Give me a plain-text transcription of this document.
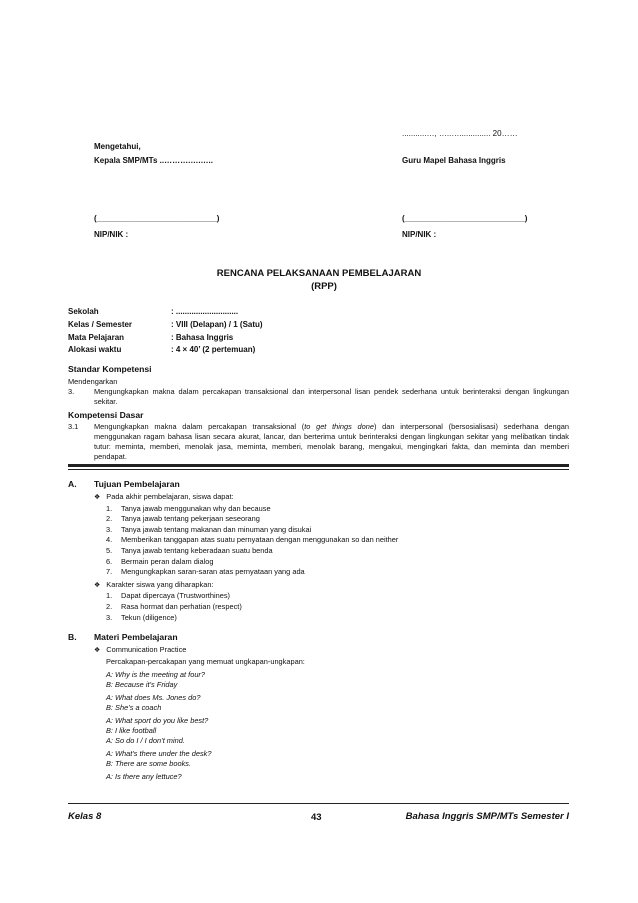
...........…, …..….............. 20……
Mengetahui,
Kepala SMP/MTs ..……….….…..	Guru Mapel Bahasa Inggris
(___________________________)
NIP/NIK :
(___________________________)
NIP/NIK :
RENCANA PELAKSANAAN PEMBELAJARAN
(RPP)
Sekolah	: ............................
Kelas / Semester	: VIII (Delapan) / 1 (Satu)
Mata Pelajaran	: Bahasa Inggris
Alokasi waktu	: 4 × 40’ (2 pertemuan)
Standar Kompetensi
Mendengarkan
3.	Mengungkapkan makna dalam percakapan transaksional dan interpersonal lisan pendek sederhana untuk berinteraksi dengan lingkungan sekitar.
Kompetensi Dasar
3.1	Mengungkapkan makna dalam percakapan transaksional (to get things done) dan interpersonal (bersosialisasi) sederhana dengan menggunakan ragam bahasa lisan secara akurat, lancar, dan berterima untuk berinteraksi dengan lingkungan sekitar yang melibatkan tindak tutur: meminta, memberi, menolak jasa, meminta, memberi, menolak barang, mengakui, mengingkari fakta, dan meminta dan memberi pendapat.
A. Tujuan Pembelajaran
❖ Pada akhir pembelajaran, siswa dapat:
1.	Tanya jawab menggunakan why dan because
2.	Tanya jawab tentang pekerjaan seseorang
3.	Tanya jawab tentang makanan dan minuman yang disukai
4.	Memberikan tanggapan atas suatu pernyataan dengan menggunakan so dan neither
5.	Tanya jawab tentang keberadaan suatu benda
6.	Bermain peran dalam dialog
7.	Mengungkapkan saran-saran atas pernyataan yang ada
❖ Karakter siswa yang diharapkan:
1.	Dapat dipercaya (Trustworthines)
2.	Rasa hormat dan perhatian (respect)
3.	Tekun (diligence)
B. Materi Pembelajaran
❖ Communication Practice
Percakapan-percakapan yang memuat ungkapan-ungkapan:
A: Why is the meeting at four?
B: Because it’s Friday
A: What does Ms. Jones do?
B: She’s a coach
A: What sport do you like best?
B: I like football
A: So do I / I don’t mind.
A: What’s there under the desk?
B: There are some books.
A: Is there any lettuce?
Kelas 8	43	Bahasa Inggris SMP/MTs Semester I
